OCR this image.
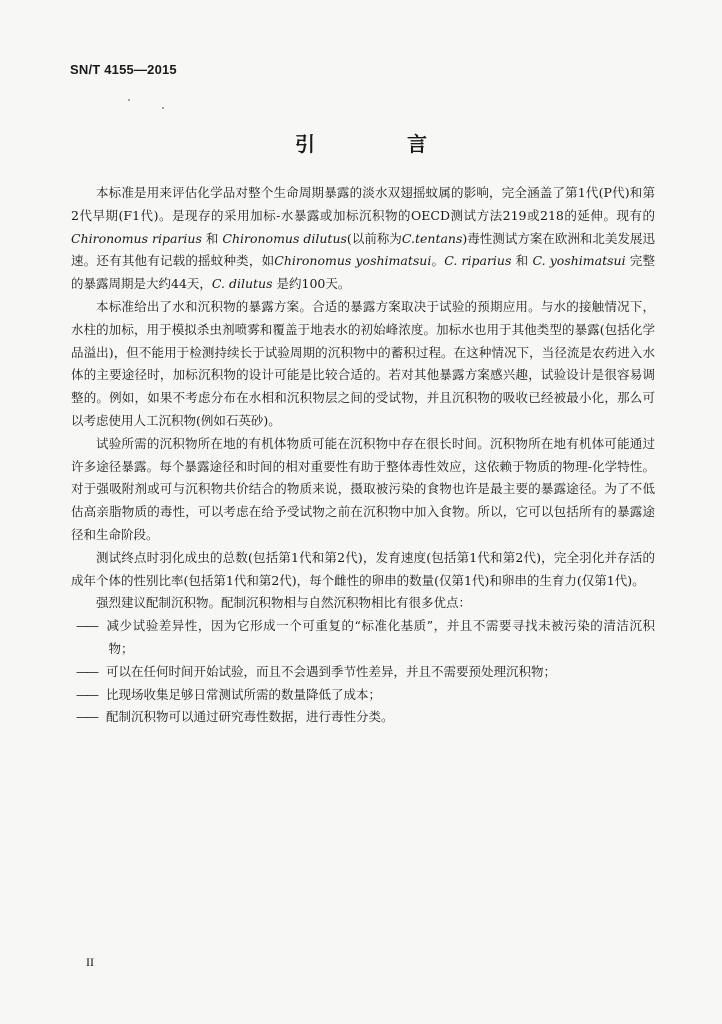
SN/T 4155—2015
引　言

本标准是用来评估化学品对整个生命周期暴露的淡水双翅摇蚊属的影响，完全涵盖了第1代(P代)和第2代早期(F1代)。是现存的采用加标-水暴露或加标沉积物的OECD测试方法219或218的延伸。现有的Chironomus riparius 和 Chironomus dilutus(以前称为C.tentans)毒性测试方案在欧洲和北美发展迅速。还有其他有记载的摇蚊种类，如Chironomus yoshimatsui。C. riparius 和 C. yoshimatsui 完整的暴露周期是大约44天，C. dilutus 是约100天。

本标准给出了水和沉积物的暴露方案。合适的暴露方案取决于试验的预期应用。与水的接触情况下，水柱的加标，用于模拟杀虫剂喷雾和覆盖于地表水的初始峰浓度。加标水也用于其他类型的暴露(包括化学品溢出)，但不能用于检测持续长于试验周期的沉积物中的蓄积过程。在这种情况下，当径流是农药进入水体的主要途径时，加标沉积物的设计可能是比较合适的。若对其他暴露方案感兴趣，试验设计是很容易调整的。例如，如果不考虑分布在水相和沉积物层之间的受试物，并且沉积物的吸收已经被最小化，那么可以考虑使用人工沉积物(例如石英砂)。

试验所需的沉积物所在地的有机体物质可能在沉积物中存在很长时间。沉积物所在地有机体可能通过许多途径暴露。每个暴露途径和时间的相对重要性有助于整体毒性效应，这依赖于物质的物理-化学特性。对于强吸附剂或可与沉积物共价结合的物质来说，摄取被污染的食物也许是最主要的暴露途径。为了不低估高亲脂物质的毒性，可以考虑在给予受试物之前在沉积物中加入食物。所以，它可以包括所有的暴露途径和生命阶段。

测试终点时羽化成虫的总数(包括第1代和第2代)，发育速度(包括第1代和第2代)，完全羽化并存活的成年个体的性别比率(包括第1代和第2代)，每个雌性的卵串的数量(仅第1代)和卵串的生育力(仅第1代)。

强烈建议配制沉积物。配制沉积物相与自然沉积物相比有很多优点：

—— 减少试验差异性，因为它形成一个可重复的“标准化基质”，并且不需要寻找未被污染的清洁沉积物；
—— 可以在任何时间开始试验，而且不会遇到季节性差异，并且不需要预处理沉积物；
—— 比现场收集足够日常测试所需的数量降低了成本；
—— 配制沉积物可以通过研究毒性数据，进行毒性分类。
II
